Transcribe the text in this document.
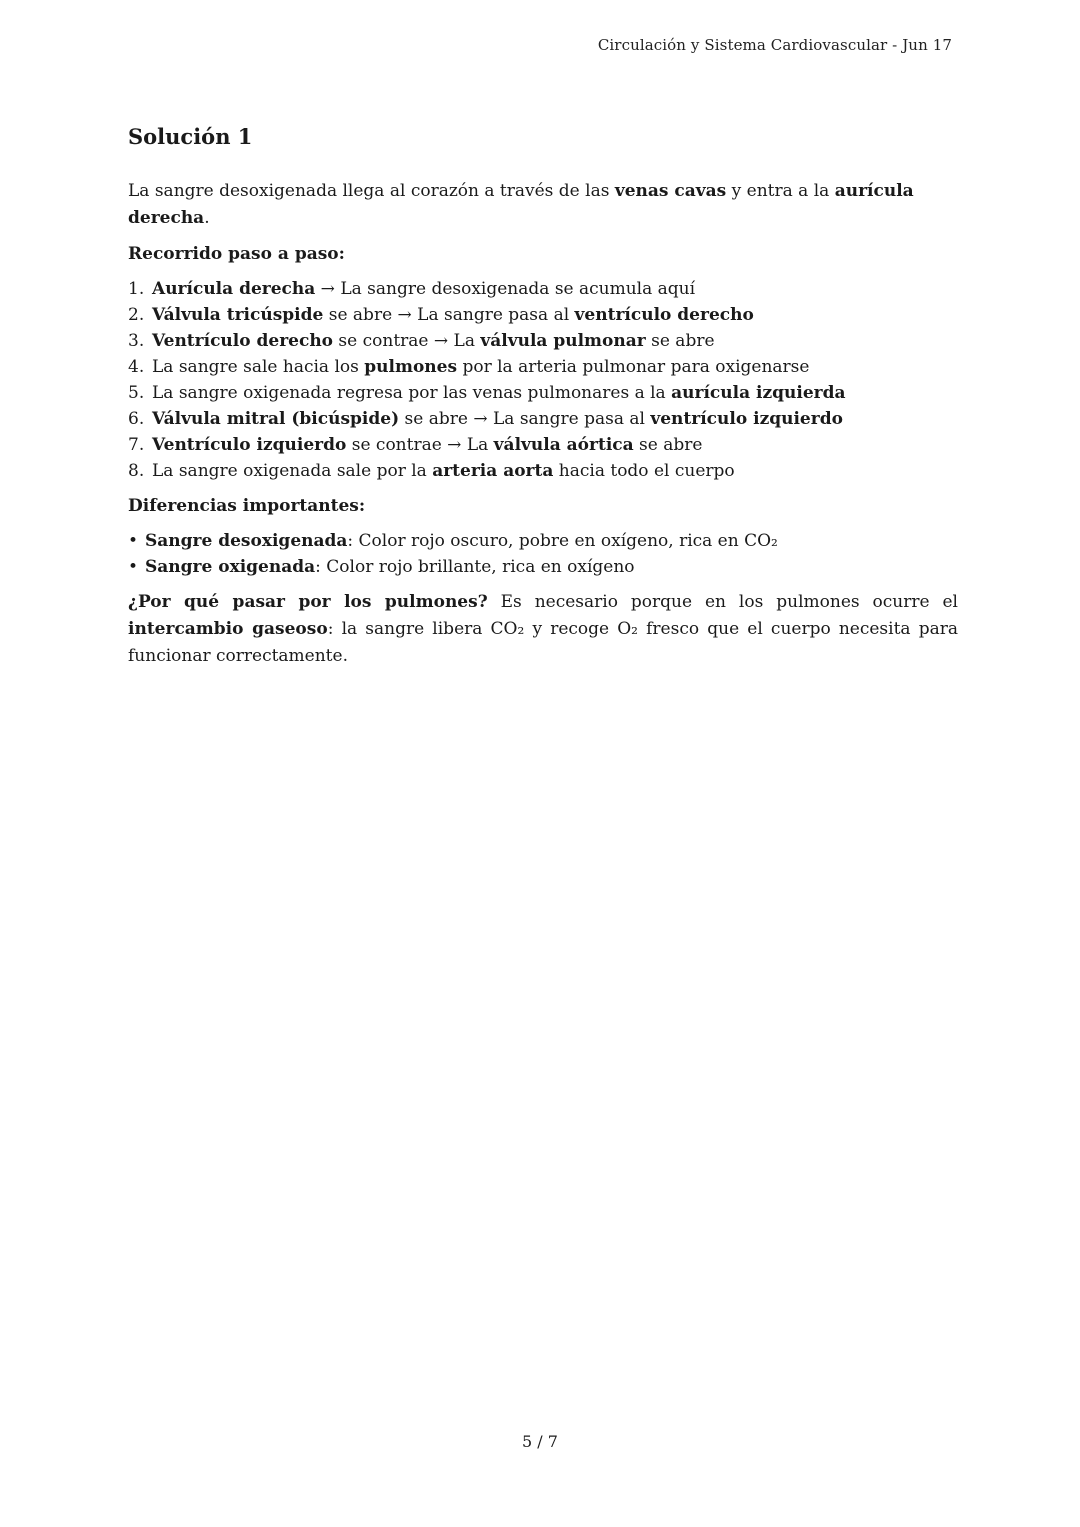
Circulación y Sistema Cardiovascular - Jun 17
Solución 1

La sangre desoxigenada llega al corazón a través de las venas cavas y entra a la aurícula derecha.

Recorrido paso a paso:
1. Aurícula derecha → La sangre desoxigenada se acumula aquí
2. Válvula tricúspide se abre → La sangre pasa al ventrículo derecho
3. Ventrículo derecho se contrae → La válvula pulmonar se abre
4. La sangre sale hacia los pulmones por la arteria pulmonar para oxigenarse
5. La sangre oxigenada regresa por las venas pulmonares a la aurícula izquierda
6. Válvula mitral (bicúspide) se abre → La sangre pasa al ventrículo izquierdo
7. Ventrículo izquierdo se contrae → La válvula aórtica se abre
8. La sangre oxigenada sale por la arteria aorta hacia todo el cuerpo
Diferencias importantes:
• Sangre desoxigenada: Color rojo oscuro, pobre en oxígeno, rica en CO₂
• Sangre oxigenada: Color rojo brillante, rica en oxígeno

¿Por qué pasar por los pulmones? Es necesario porque en los pulmones ocurre el intercambio gaseoso: la sangre libera CO₂ y recoge O₂ fresco que el cuerpo necesita para funcionar correctamente.

5 / 7
